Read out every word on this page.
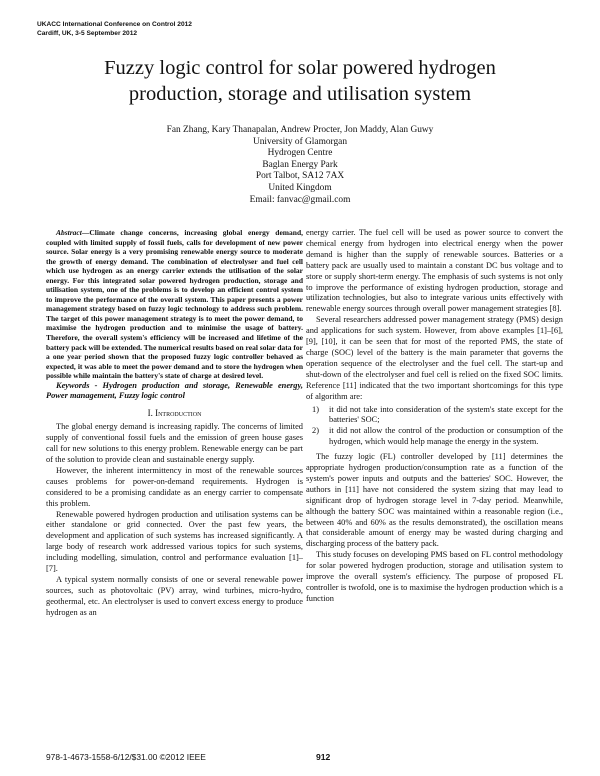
UKACC International Conference on Control 2012
Cardiff, UK, 3-5 September 2012
Fuzzy logic control for solar powered hydrogen
production, storage and utilisation system
Fan Zhang, Kary Thanapalan, Andrew Procter, Jon Maddy, Alan Guwy
University of Glamorgan
Hydrogen Centre
Baglan Energy Park
Port Talbot, SA12 7AX
United Kingdom
Email: fanvac@gmail.com

Abstract—Climate change concerns, increasing global energy demand, coupled with limited supply of fossil fuels, calls for development of new power source. Solar energy is a very promising renewable energy source to moderate the growth of energy demand. The combination of electrolyser and fuel cell which use hydrogen as an energy carrier extends the utilisation of the solar energy. For this integrated solar powered hydrogen production, storage and utilisation system, one of the problems is to develop an efficient control system to improve the performance of the overall system. This paper presents a power management strategy based on fuzzy logic technology to address such problem. The target of this power management strategy is to meet the power demand, to maximise the hydrogen production and to minimise the usage of battery. Therefore, the overall system's efficiency will be increased and lifetime of the battery pack will be extended. The numerical results based on real solar data for a one year period shown that the proposed fuzzy logic controller behaved as expected, it was able to meet the power demand and to store the hydrogen when possible while maintain the battery's state of charge at desired level.

Keywords - Hydrogen production and storage, Renewable energy, Power management, Fuzzy logic control

I. Introduction

The global energy demand is increasing rapidly. The concerns of limited supply of conventional fossil fuels and the emission of green house gases call for new solutions to this energy problem. Renewable energy can be part of the solution to provide clean and sustainable energy supply.

However, the inherent intermittency in most of the renewable sources causes problems for power-on-demand requirements. Hydrogen is considered to be a promising candidate as an energy carrier to compensate this problem.

Renewable powered hydrogen production and utilisation systems can be either standalone or grid connected. Over the past few years, the development and application of such systems has increased significantly. A large body of research work addressed various topics for such systems, including modelling, simulation, control and performance evaluation [1]–[7].

A typical system normally consists of one or several renewable power sources, such as photovoltaic (PV) array, wind turbines, micro-hydro, geothermal, etc. An electrolyser is used to convert excess energy to produce hydrogen as an

energy carrier. The fuel cell will be used as power source to convert the chemical energy from hydrogen into electrical energy when the power demand is higher than the supply of renewable sources. Batteries or a battery pack are usually used to maintain a constant DC bus voltage and to store or supply short-term energy. The emphasis of such systems is not only to improve the performance of existing hydrogen production, storage and utilization technologies, but also to integrate various units effectively with renewable energy sources through overall power management strategies [8].

Several researchers addressed power management strategy (PMS) design and applications for such system. However, from above examples [1]–[6], [9], [10], it can be seen that for most of the reported PMS, the state of charge (SOC) level of the battery is the main parameter that governs the operation sequence of the electrolyser and the fuel cell. The start-up and shut-down of the electrolyser and fuel cell is relied on the fixed SOC limits. Reference [11] indicated that the two important shortcomings for this type of algorithm are:

1) it did not take into consideration of the system's state except for the batteries' SOC;
2) it did not allow the control of the production or consumption of the hydrogen, which would help manage the energy in the system.

The fuzzy logic (FL) controller developed by [11] determines the appropriate hydrogen production/consumption rate as a function of the system's power inputs and outputs and the batteries' SOC. However, the authors in [11] have not considered the system sizing that may lead to significant drop of hydrogen storage level in 7-day period. Meanwhile, although the battery SOC was maintained within a reasonable region (i.e., between 40% and 60% as the results demonstrated), the oscillation means that considerable amount of energy may be wasted during charging and discharging process of the battery pack.

This study focuses on developing PMS based on FL control methodology for solar powered hydrogen production, storage and utilisation system to improve the overall system's efficiency. The purpose of proposed FL controller is twofold, one is to maximise the hydrogen production which is a function

978-1-4673-1558-6/12/$31.00 ©2012 IEEE	912
